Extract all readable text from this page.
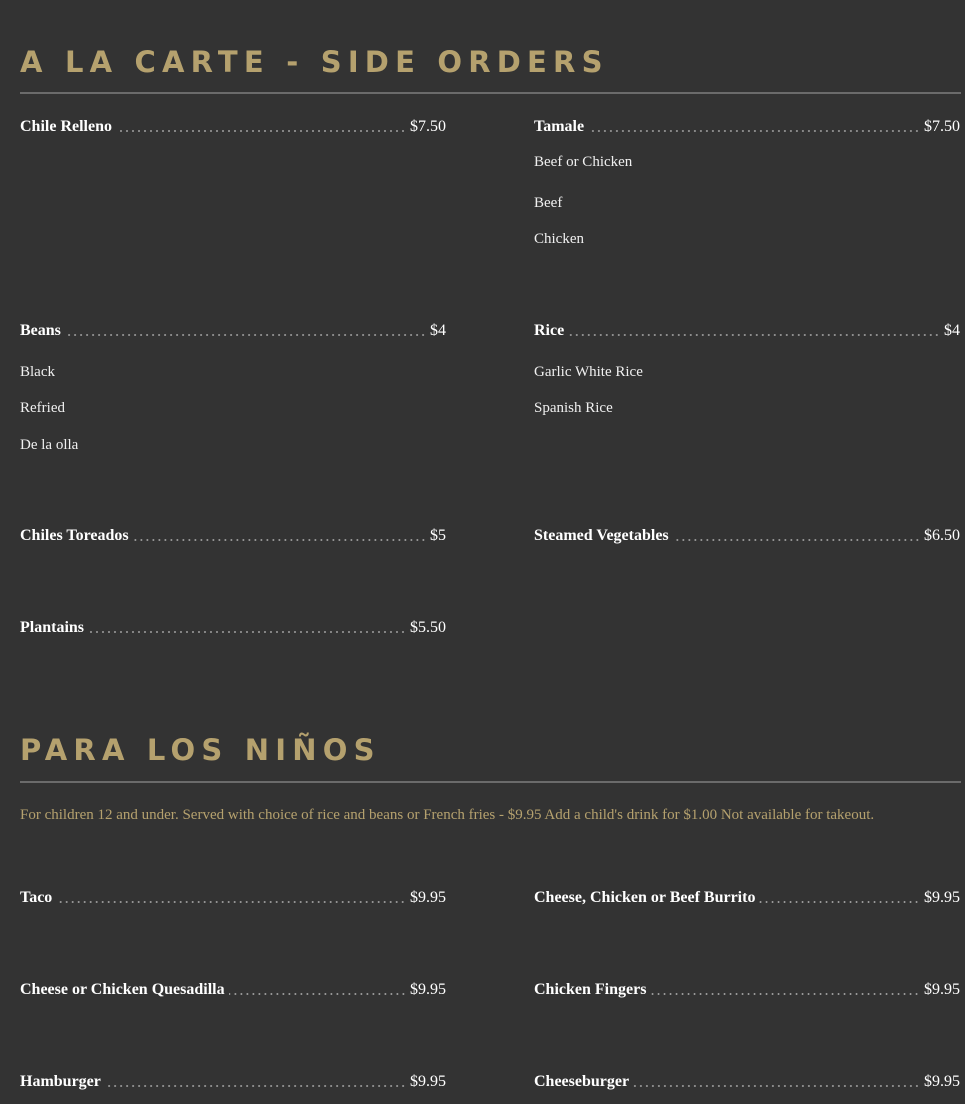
A LA CARTE - SIDE ORDERS
Chile Relleno	$7.50	Tamale	$7.50
Beef or Chicken
Beef
Chicken
Beans	$4
Black
Refried
De la olla
Rice	$4
Garlic White Rice
Spanish Rice
Chiles Toreados	$5	Steamed Vegetables	$6.50
Plantains	$5.50
PARA LOS NIÑOS
For children 12 and under. Served with choice of rice and beans or French fries - $9.95 Add a child's drink for $1.00 Not available for takeout.
Taco	$9.95	Cheese, Chicken or Beef Burrito	$9.95
Cheese or Chicken Quesadilla	$9.95	Chicken Fingers	$9.95
Hamburger	$9.95	Cheeseburger	$9.95
